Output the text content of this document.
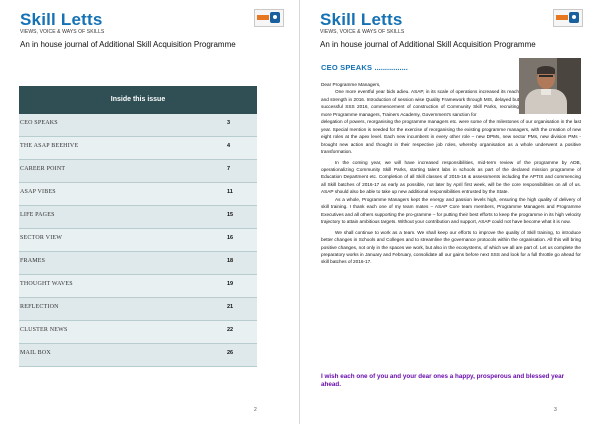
Skill Letts
VIEWS, VOICE & WAYS OF SKILLS
An in house journal of Additional Skill Acquisition Programme
Inside this issue
CEO SPEAKS	3
THE ASAP BEEHIVE	4
CAREER POINT	7
ASAP VIBES	11
LIFE PAGES	15
SECTOR VIEW	16
FRAMES	18
THOUGHT WAVES	19
REFLECTION	21
CLUSTER NEWS	22
MAIL BOX	26
2
Skill Letts
VIEWS, VOICE & WAYS OF SKILLS
An in house journal of Additional Skill Acquisition Programme
CEO SPEAKS ................

Dear Programme Managers,

One more eventful year bids adieu. ASAP, in its scale of operations increased its reach and strength in 2016. Introduction of session wise Quality Framework through MIS, delayed but successful SSS 2016, commencement of construction of Community Skill Parks, recruiting more Programme managers, Trainers Academy, Government's sanction for

delegation of powers, reorganising the programme managers etc. were some of the milestones of our organisation in the last year. Special mention is needed for the exercise of reorganising the existing programme managers, with the creation of new eight roles at the apex level. Each new incumbent in every other role – new DPMs, new sector PMs, new division PMs - brought new action and thought in their respective job roles, whereby organisation as a whole underwent a positive transformation.

In the coming year, we will have increased responsibilities, mid-term review of the programme by ADB, operationalizing Community Skill Parks, starting talent labs in schools as part of the declared mission programme of Education Department etc. Completion of all Skill classes of 2015-16 & assessments including the APTIS and commencing all Skill batches of 2016-17 as early as possible, not later by April first week, will be the core responsibilities on all of us. ASAP should also be able to take up new additional responsibilities entrusted by the State.

As a whole, Programme Managers kept the energy and passion levels high, ensuring the high quality of delivery of skill training. I thank each one of my team mates – ASAP Core team members, Programme Managers and Programme Executives and all others supporting the pro-gramme – for putting their best efforts to keep the programme in its high velocity trajectory to attain ambitious targets. Without your contribution and support, ASAP could not have become what it is now.

We shall continue to work as a team. We shall keep our efforts to improve the quality of Skill training, to introduce better changes in Schools and Colleges and to streamline the governance protocols within the organisation. All this will bring positive changes, not only in the spaces we work, but also in the ecosystems, of which we all are part of. Let us complete the preparatory works in January and February, consolidate all our gains before next SSS and look for a full throttle go ahead for skill batches of 2016-17.

I wish each one of you and your dear ones a happy, prosperous and blessed year ahead.
3
